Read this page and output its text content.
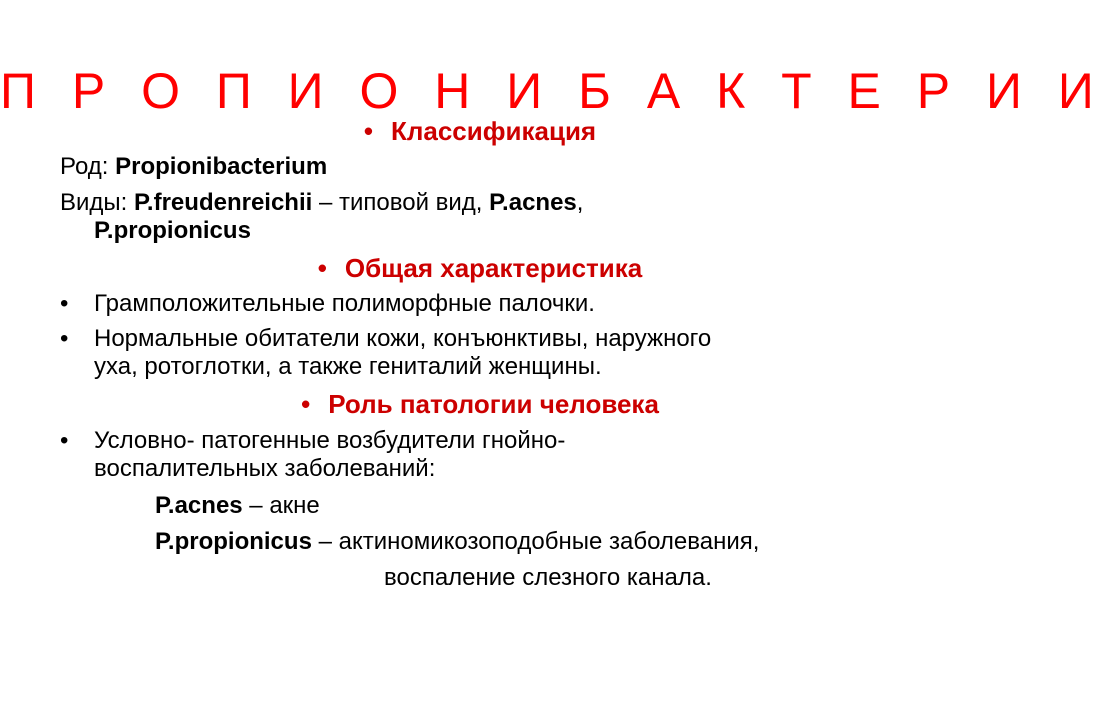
П Р О П И О Н И Б А К Т Е Р И И
• Классификация
Род: Propionibacterium
Виды: P.freudenreichii – типовой вид, P.acnes,
P.propionicus
• Общая характеристика
• Грамположительные полиморфные палочки.
• Нормальные обитатели кожи, конъюнктивы, наружного
уха, ротоглотки, а также гениталий женщины.
• Роль патологии человека
• Условно- патогенные возбудители гнойно-
воспалительных заболеваний:
P.acnes – акне
P.propionicus – актиномикозоподобные заболевания,
воспаление слезного канала.
